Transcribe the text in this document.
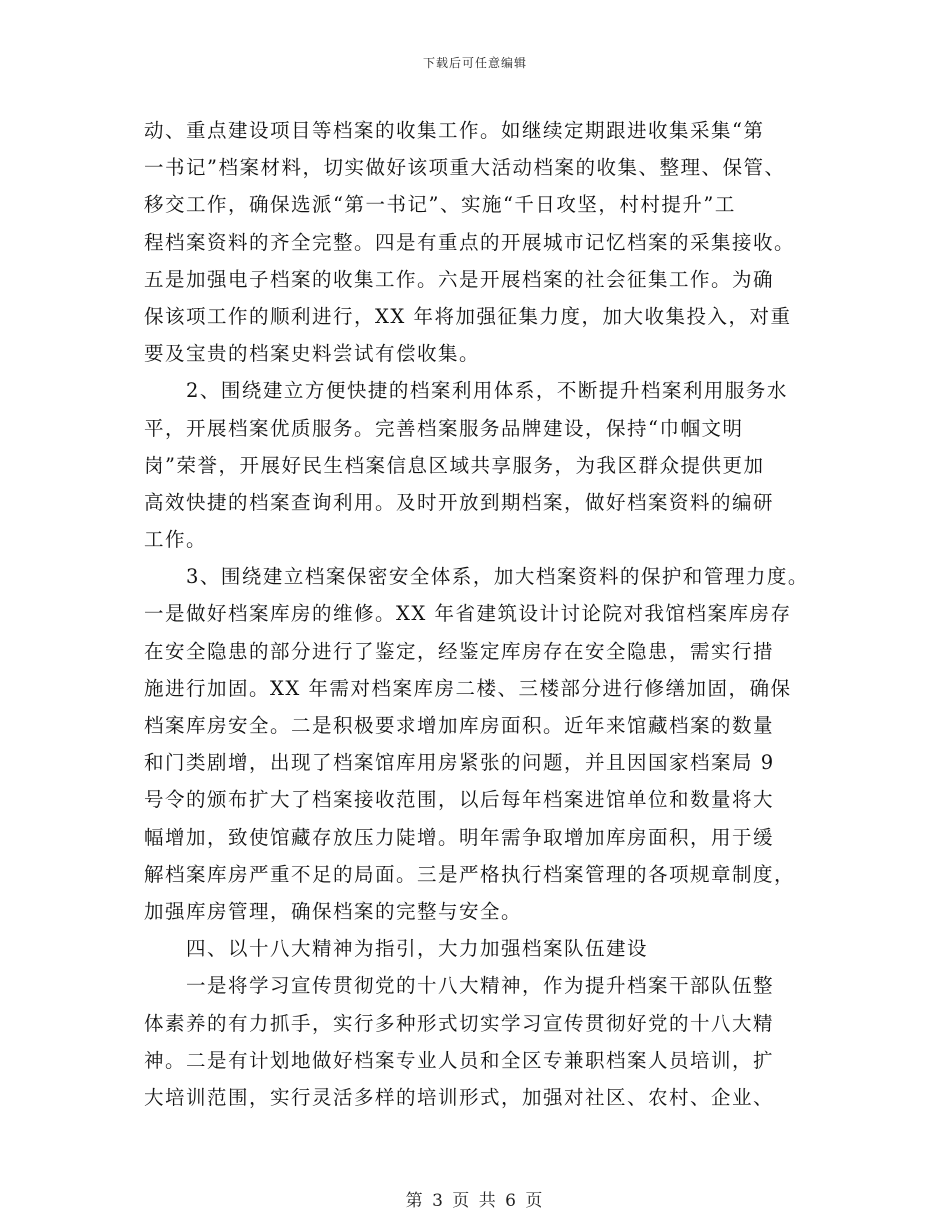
下载后可任意编辑
动、重点建设项目等档案的收集工作。如继续定期跟进收集采集“第
一书记”档案材料，切实做好该项重大活动档案的收集、整理、保管、
移交工作，确保选派“第一书记”、实施“千日攻坚，村村提升”工
程档案资料的齐全完整。四是有重点的开展城市记忆档案的采集接收。
五是加强电子档案的收集工作。六是开展档案的社会征集工作。为确
保该项工作的顺利进行，XX 年将加强征集力度，加大收集投入，对重
要及宝贵的档案史料尝试有偿收集。
2、围绕建立方便快捷的档案利用体系，不断提升档案利用服务水
平，开展档案优质服务。完善档案服务品牌建设，保持“巾帼文明
岗”荣誉，开展好民生档案信息区域共享服务，为我区群众提供更加
高效快捷的档案查询利用。及时开放到期档案，做好档案资料的编研
工作。
3、围绕建立档案保密安全体系，加大档案资料的保护和管理力度。
一是做好档案库房的维修。XX 年省建筑设计讨论院对我馆档案库房存
在安全隐患的部分进行了鉴定，经鉴定库房存在安全隐患，需实行措
施进行加固。XX 年需对档案库房二楼、三楼部分进行修缮加固，确保
档案库房安全。二是积极要求增加库房面积。近年来馆藏档案的数量
和门类剧增，出现了档案馆库用房紧张的问题，并且因国家档案局 9
号令的颁布扩大了档案接收范围，以后每年档案进馆单位和数量将大
幅增加，致使馆藏存放压力陡增。明年需争取增加库房面积，用于缓
解档案库房严重不足的局面。三是严格执行档案管理的各项规章制度，
加强库房管理，确保档案的完整与安全。
四、以十八大精神为指引，大力加强档案队伍建设
一是将学习宣传贯彻党的十八大精神，作为提升档案干部队伍整
体素养的有力抓手，实行多种形式切实学习宣传贯彻好党的十八大精
神。二是有计划地做好档案专业人员和全区专兼职档案人员培训，扩
大培训范围，实行灵活多样的培训形式，加强对社区、农村、企业、
第 3 页 共 6 页
